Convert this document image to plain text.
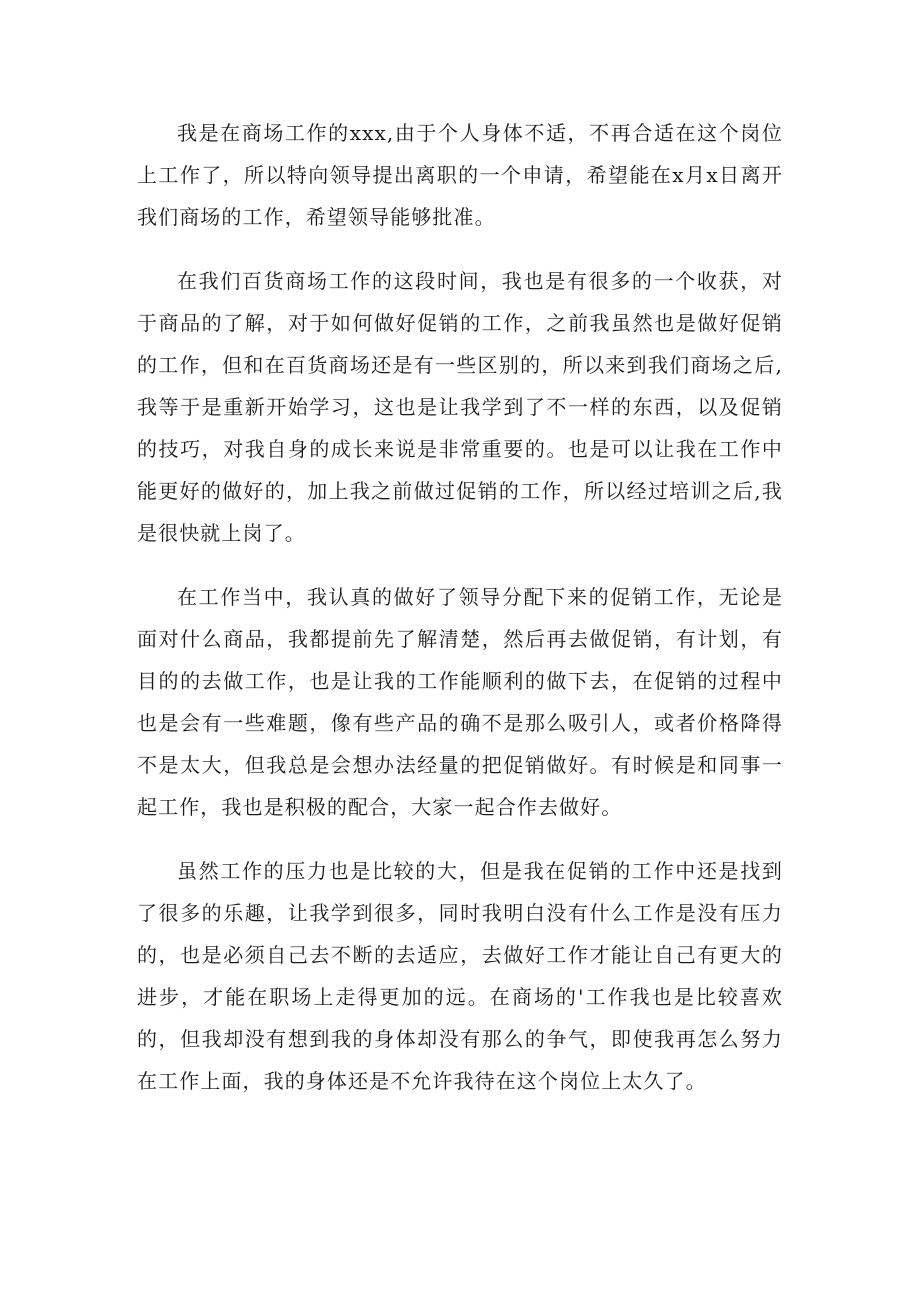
我是在商场工作的xxx,由于个人身体不适，不再合适在这个岗位上工作了，所以特向领导提出离职的一个申请，希望能在x月x日离开我们商场的工作，希望领导能够批准。

在我们百货商场工作的这段时间，我也是有很多的一个收获，对于商品的了解，对于如何做好促销的工作，之前我虽然也是做好促销的工作，但和在百货商场还是有一些区别的，所以来到我们商场之后,我等于是重新开始学习，这也是让我学到了不一样的东西，以及促销的技巧，对我自身的成长来说是非常重要的。也是可以让我在工作中能更好的做好的，加上我之前做过促销的工作，所以经过培训之后,我是很快就上岗了。

在工作当中，我认真的做好了领导分配下来的促销工作，无论是面对什么商品，我都提前先了解清楚，然后再去做促销，有计划，有目的的去做工作，也是让我的工作能顺利的做下去，在促销的过程中也是会有一些难题，像有些产品的确不是那么吸引人，或者价格降得不是太大，但我总是会想办法经量的把促销做好。有时候是和同事一起工作，我也是积极的配合，大家一起合作去做好。

虽然工作的压力也是比较的大，但是我在促销的工作中还是找到了很多的乐趣，让我学到很多，同时我明白没有什么工作是没有压力的，也是必须自己去不断的去适应，去做好工作才能让自己有更大的进步，才能在职场上走得更加的远。在商场的'工作我也是比较喜欢的，但我却没有想到我的身体却没有那么的争气，即使我再怎么努力在工作上面，我的身体还是不允许我待在这个岗位上太久了。
